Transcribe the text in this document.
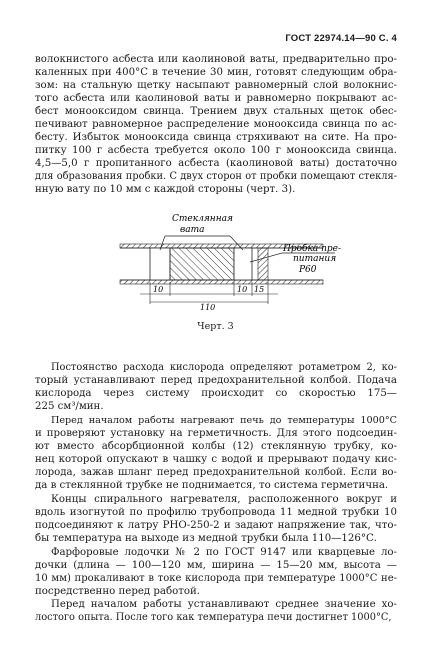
ГОСТ 22974.14—90 С. 4
волокнистого асбеста или каолиновой ваты, предварительно про-
каленных при 400°С в течение 30 мин, готовят следующим обра-
зом: на стальную щетку насыпают равномерный слой волокнис-
того асбеста или каолиновой ваты и равномерно покрывают ас-
бест монооксидом свинца. Трением двух стальных щеток обес-
печивают равномерное распределение монооксида свинца по ас-
бесту. Избыток монооксида свинца стряхивают на сите. На про-
питку 100 г асбеста требуется около 100 г монооксида свинца.
4,5—5,0 г пропитанного асбеста (каолиновой ваты) достаточно
для образования пробки. С двух сторон от пробки помещают стекля-
нную вату по 10 мм с каждой стороны (черт. 3).
Стеклянная
вата
Пробка пре-
питания
Р60
10	10 15
110
Черт. 3
Постоянство расхода кислорода определяют ротаметром 2, ко-
торый устанавливают перед предохранительной колбой. Подача
кислорода через систему происходит со скоростью 175—
225 см³/мин.
Перед началом работы нагревают печь до температуры 1000°С
и проверяют установку на герметичность. Для этого подсоедин-
ют вместо абсорбционной колбы (12) стеклянную трубку, ко-
нец которой опускают в чашку с водой и прерывают подачу кис-
лорода, зажав шланг перед предохранительной колбой. Если во-
да в стеклянной трубке не поднимается, то система герметична.
Концы спирального нагревателя, расположенного вокруг и
вдоль изогнутой по профилю трубопровода 11 медной трубки 10
подсоединяют к латру РНО-250-2 и задают напряжение так, что-
бы температура на выходе из медной трубки была 110—126°С.
Фарфоровые лодочки № 2 по ГОСТ 9147 или кварцевые ло-
дочки (длина — 100—120 мм, ширина — 15—20 мм, высота —
10 мм) прокаливают в токе кислорода при температуре 1000°С не-
посредственно перед работой.
Перед началом работы устанавливают среднее значение хо-
лостого опыта. После того как температура печи достигнет 1000°С,
